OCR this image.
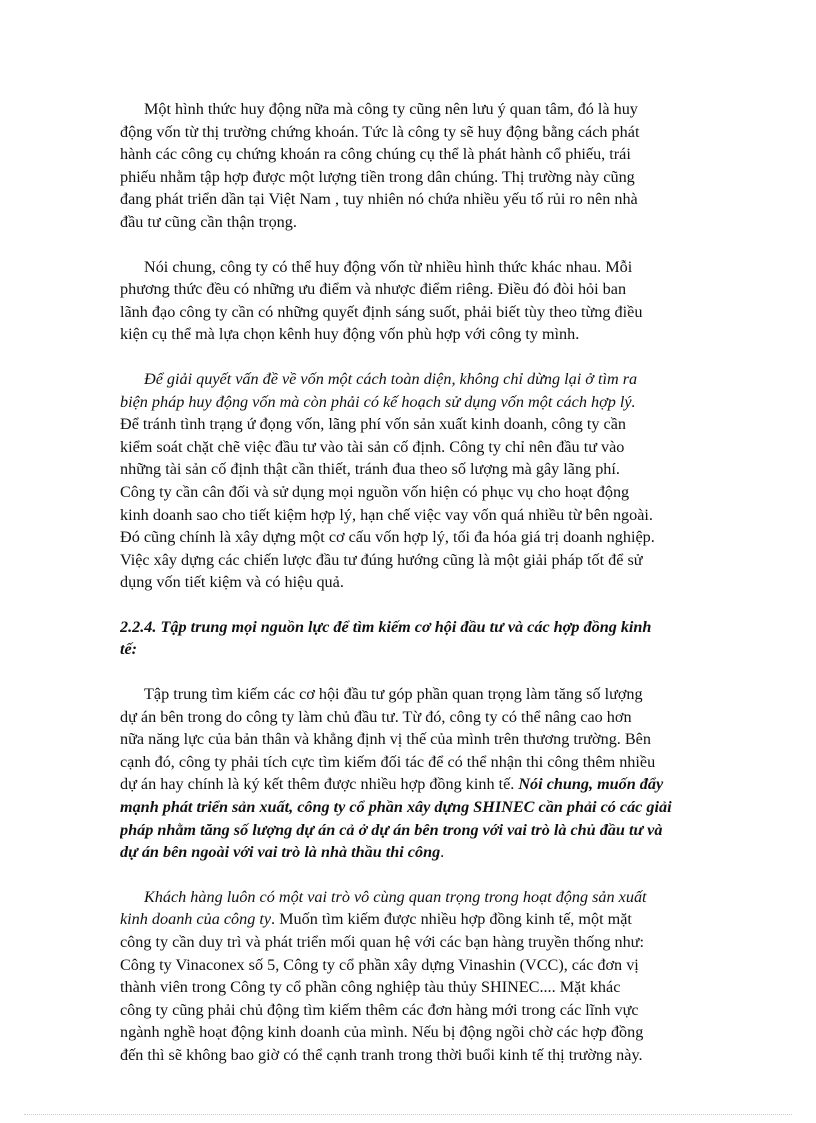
Một hình thức huy động nữa mà công ty cũng nên lưu ý quan tâm, đó là huy
động vốn từ thị trường chứng khoán. Tức là công ty sẽ huy động bằng cách phát
hành các công cụ chứng khoán ra công chúng cụ thể là phát hành cổ phiếu, trái
phiếu nhằm tập hợp được một lượng tiền trong dân chúng. Thị trường này cũng
đang phát triển dần tại Việt Nam , tuy nhiên nó chứa nhiều yếu tố rủi ro nên nhà
đầu tư cũng cần thận trọng.
Nói chung, công ty có thể huy động vốn từ nhiều hình thức khác nhau. Mỗi
phương thức đều có những ưu điểm và nhược điểm riêng. Điều đó đòi hỏi ban
lãnh đạo công ty cần có những quyết định sáng suốt, phải biết tùy theo từng điều
kiện cụ thể mà lựa chọn kênh huy động vốn phù hợp với công ty mình.
Để giải quyết vấn đề về vốn một cách toàn diện, không chỉ dừng lại ở tìm ra
biện pháp huy động vốn mà còn phải có kế hoạch sử dụng vốn một cách hợp lý.
Để tránh tình trạng ứ đọng vốn, lãng phí vốn sản xuất kinh doanh, công ty cần
kiểm soát chặt chẽ việc đầu tư vào tài sản cố định. Công ty chỉ nên đầu tư vào
những tài sản cố định thật cần thiết, tránh đua theo số lượng mà gây lãng phí.
Công ty cần cân đối và sử dụng mọi nguồn vốn hiện có phục vụ cho hoạt động
kinh doanh sao cho tiết kiệm hợp lý, hạn chế việc vay vốn quá nhiều từ bên ngoài.
Đó cũng chính là xây dựng một cơ cấu vốn hợp lý, tối đa hóa giá trị doanh nghiệp.
Việc xây dựng các chiến lược đầu tư đúng hướng cũng là một giải pháp tốt để sử
dụng vốn tiết kiệm và có hiệu quả.
2.2.4. Tập trung mọi nguồn lực để tìm kiếm cơ hội đầu tư và các hợp đồng kinh
tế:
Tập trung tìm kiếm các cơ hội đầu tư góp phần quan trọng làm tăng số lượng
dự án bên trong do công ty làm chủ đầu tư. Từ đó, công ty có thể nâng cao hơn
nữa năng lực của bản thân và khẳng định vị thế của mình trên thương trường. Bên
cạnh đó, công ty phải tích cực tìm kiếm đối tác để có thể nhận thi công thêm nhiều
dự án hay chính là ký kết thêm được nhiều hợp đồng kinh tế. Nói chung, muốn đẩy
mạnh phát triển sản xuất, công ty cổ phần xây dựng SHINEC cần phải có các giải
pháp nhằm tăng số lượng dự án cả ở dự án bên trong với vai trò là chủ đầu tư và
dự án bên ngoài với vai trò là nhà thầu thi công.
Khách hàng luôn có một vai trò vô cùng quan trọng trong hoạt động sản xuất
kinh doanh của công ty. Muốn tìm kiếm được nhiều hợp đồng kinh tế, một mặt
công ty cần duy trì và phát triển mối quan hệ với các bạn hàng truyền thống như:
Công ty Vinaconex số 5, Công ty cổ phần xây dựng Vinashin (VCC), các đơn vị
thành viên trong Công ty cổ phần công nghiệp tàu thủy SHINEC.... Mặt khác
công ty cũng phải chủ động tìm kiếm thêm các đơn hàng mới trong các lĩnh vực
ngành nghề hoạt động kinh doanh của mình. Nếu bị động ngồi chờ các hợp đồng
đến thì sẽ không bao giờ có thể cạnh tranh trong thời buổi kinh tế thị trường này.
